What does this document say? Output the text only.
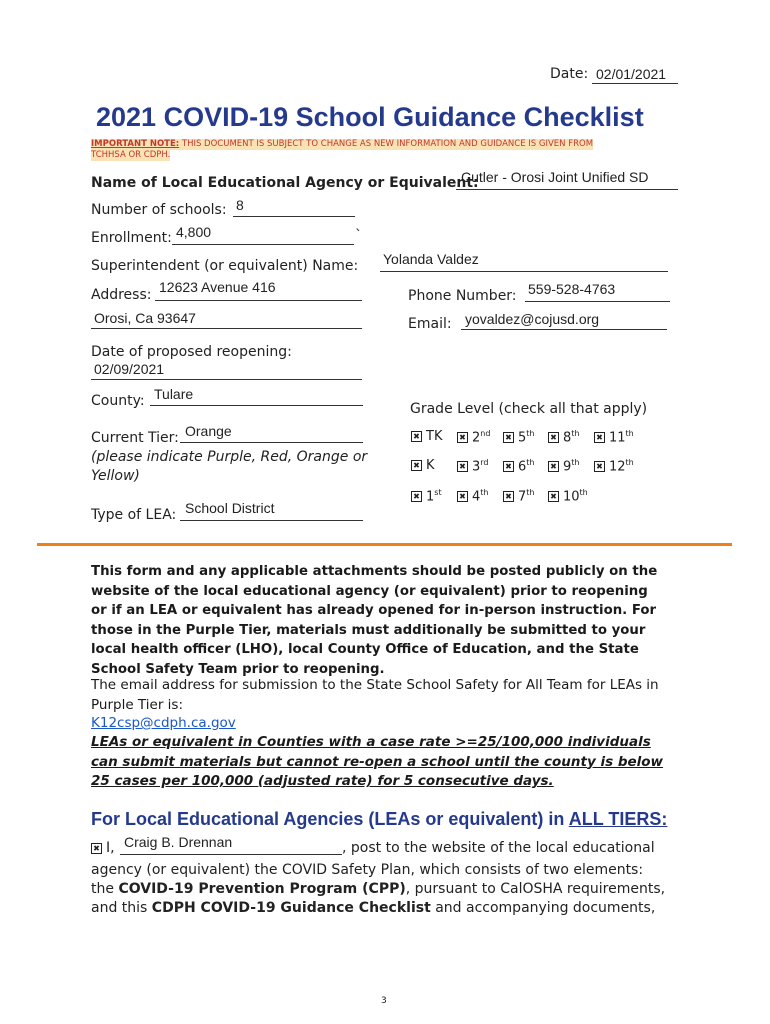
Date: 02/01/2021
2021 COVID-19 School Guidance Checklist
IMPORTANT NOTE: THIS DOCUMENT IS SUBJECT TO CHANGE AS NEW INFORMATION AND GUIDANCE IS GIVEN FROM
TCHHSA OR CDPH.
Name of Local Educational Agency or Equivalent:
Cutler - Orosi Joint Unified SD
Number of schools: 8
Enrollment: 4,800	`
Superintendent (or equivalent) Name: Yolanda Valdez
Address: 12623 Avenue 416
Orosi, Ca 93647
Phone Number: 559-528-4763
Email: yovaldez@cojusd.org
Date of proposed reopening:
02/09/2021
County: Tulare
Grade Level (check all that apply)
Current Tier: Orange
(please indicate Purple, Red, Orange or
Yellow)
Type of LEA: School District
✖ TK ✖ 2nd ✖ 5th ✖ 8th ✖ 11th
✖ K	✖ 3rd ✖ 6th ✖ 9th ✖ 12th
✖ 1st ✖ 4th ✖ 7th ✖ 10th
This form and any applicable attachments should be posted publicly on the website of the local educational agency (or equivalent) prior to reopening or if an LEA or equivalent has already opened for in-person instruction. For those in the Purple Tier, materials must additionally be submitted to your local health officer (LHO), local County Office of Education, and the State School Safety Team prior to reopening.
The email address for submission to the State School Safety for All Team for LEAs in Purple Tier is:
K12csp@cdph.ca.gov
LEAs or equivalent in Counties with a case rate >=25/100,000 individuals can submit materials but cannot re-open a school until the county is below 25 cases per 100,000 (adjusted rate) for 5 consecutive days.
For Local Educational Agencies (LEAs or equivalent) in ALL TIERS:
✖ I, Craig B. Drennan	, post to the website of the local educational
agency (or equivalent) the COVID Safety Plan, which consists of two elements:
the COVID-19 Prevention Program (CPP), pursuant to CalOSHA requirements,
and this CDPH COVID-19 Guidance Checklist and accompanying documents,
3
